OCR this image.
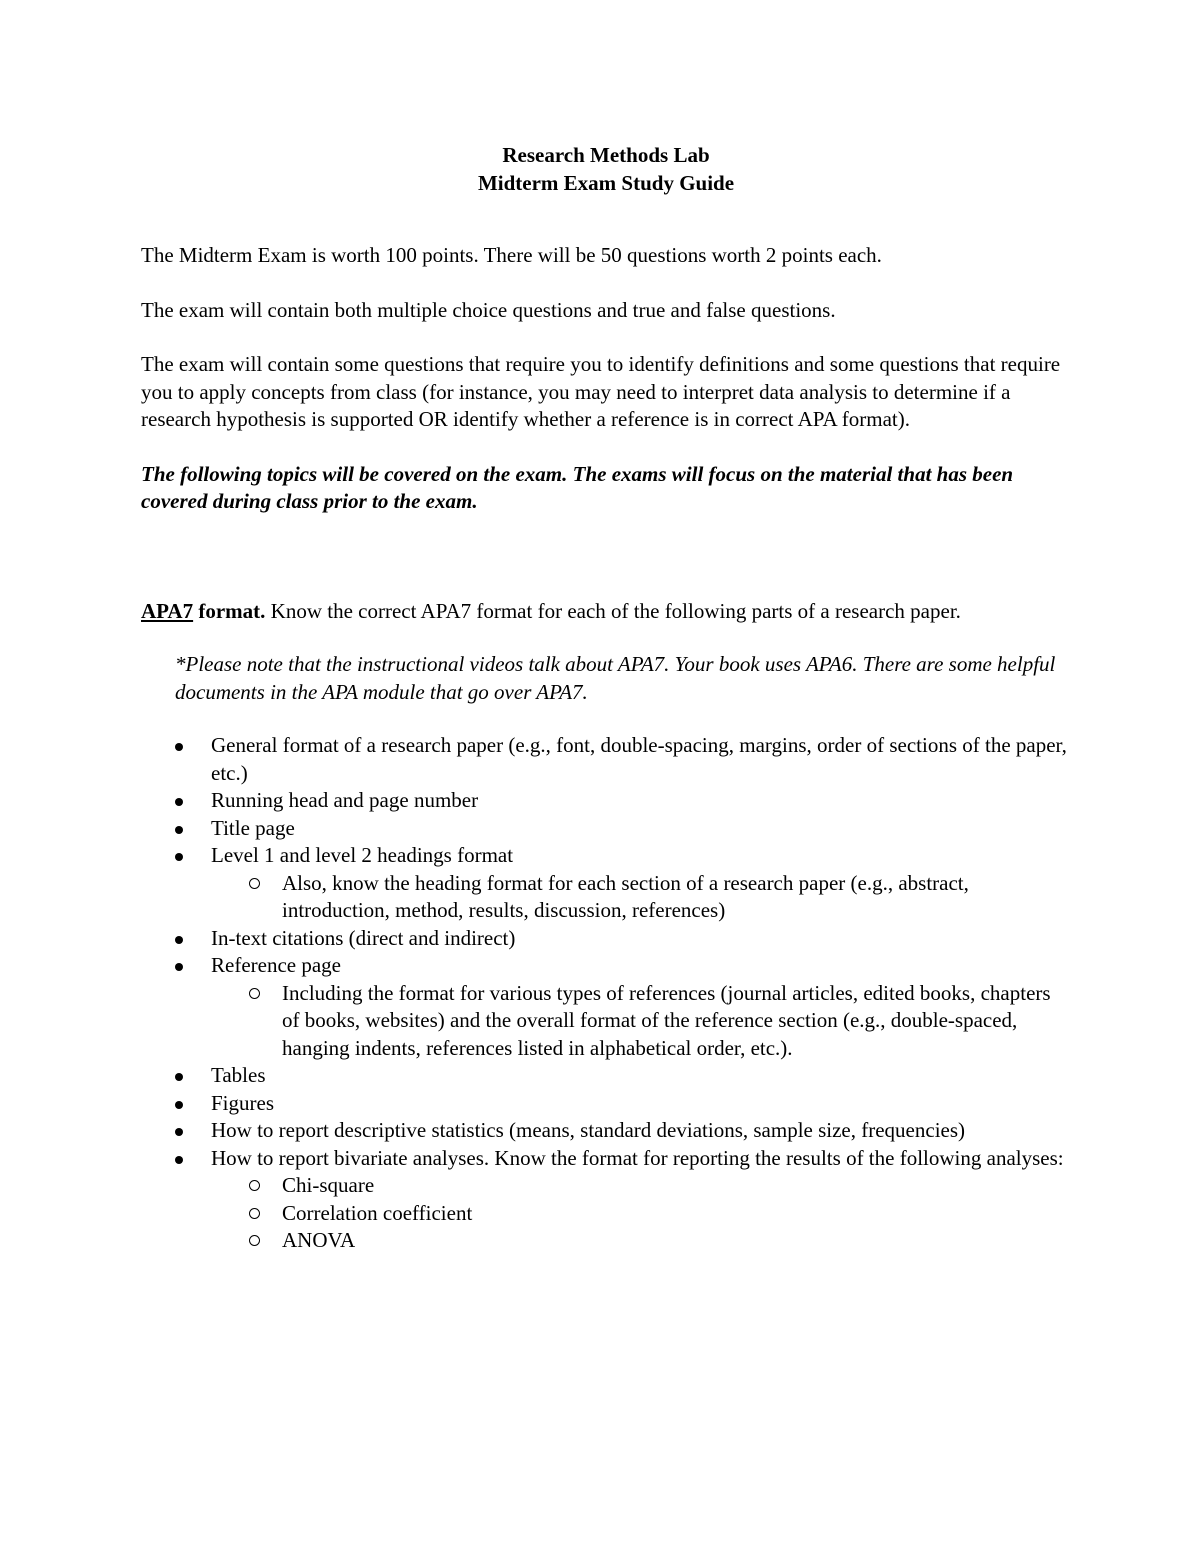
Research Methods Lab
Midterm Exam Study Guide

The Midterm Exam is worth 100 points. There will be 50 questions worth 2 points each.

The exam will contain both multiple choice questions and true and false questions.

The exam will contain some questions that require you to identify definitions and some questions that require you to apply concepts from class (for instance, you may need to interpret data analysis to determine if a research hypothesis is supported OR identify whether a reference is in correct APA format).

The following topics will be covered on the exam. The exams will focus on the material that has been covered during class prior to the exam.

APA7 format. Know the correct APA7 format for each of the following parts of a research paper.

*Please note that the instructional videos talk about APA7. Your book uses APA6. There are some helpful documents in the APA module that go over APA7.

General format of a research paper (e.g., font, double-spacing, margins, order of sections of the paper, etc.)
Running head and page number
Title page
Level 1 and level 2 headings format
Also, know the heading format for each section of a research paper (e.g., abstract, introduction, method, results, discussion, references)
In-text citations (direct and indirect)
Reference page
Including the format for various types of references (journal articles, edited books, chapters of books, websites) and the overall format of the reference section (e.g., double-spaced, hanging indents, references listed in alphabetical order, etc.).
Tables
Figures
How to report descriptive statistics (means, standard deviations, sample size, frequencies)
How to report bivariate analyses. Know the format for reporting the results of the following analyses:
Chi-square
Correlation coefficient
ANOVA
